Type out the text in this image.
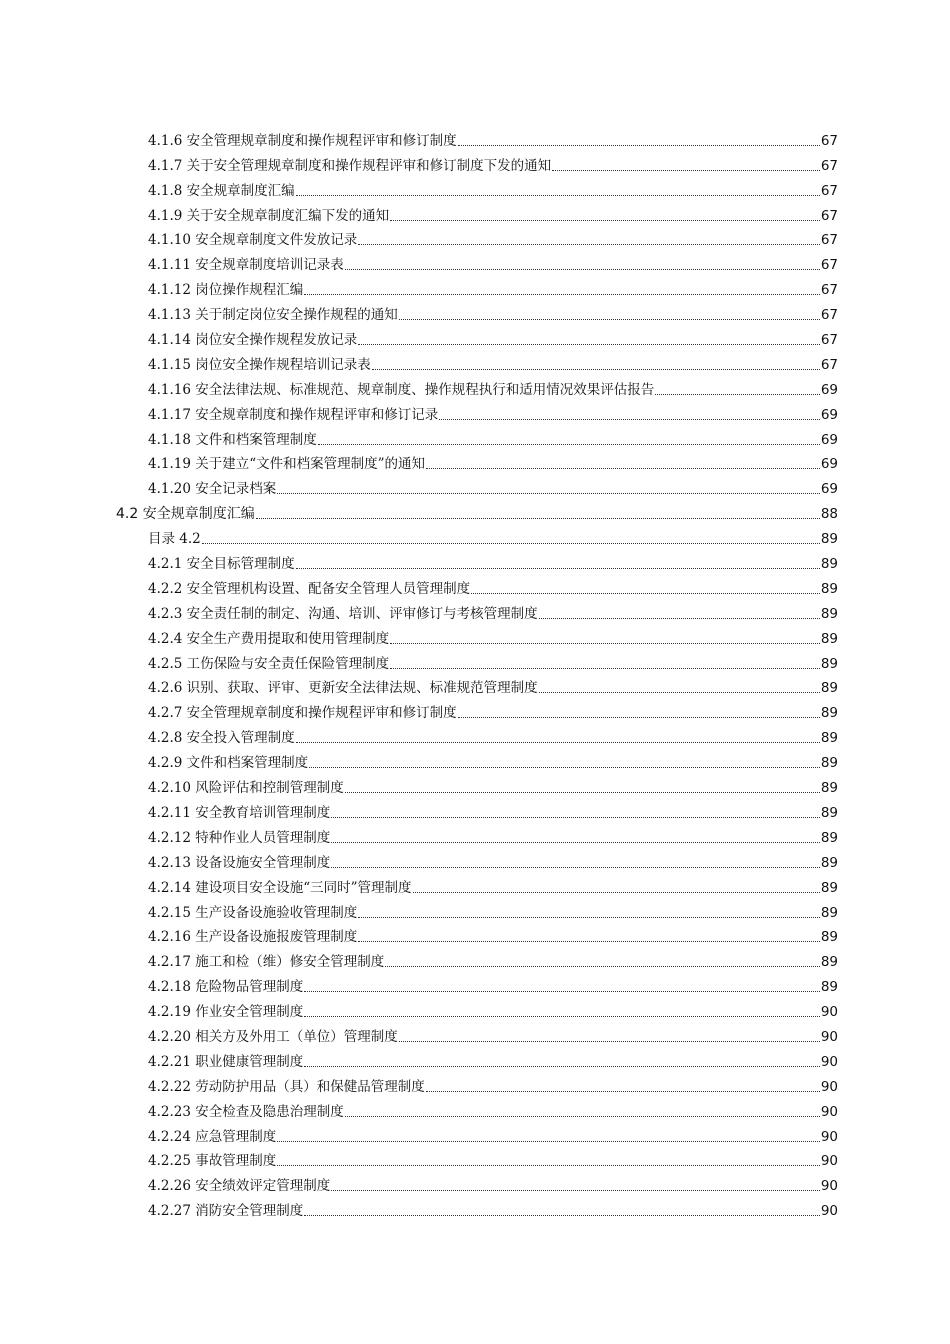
4.1.6 安全管理规章制度和操作规程评审和修订制度	67
4.1.7 关于安全管理规章制度和操作规程评审和修订制度下发的通知	67
4.1.8 安全规章制度汇编	67
4.1.9 关于安全规章制度汇编下发的通知	67
4.1.10 安全规章制度文件发放记录	67
4.1.11 安全规章制度培训记录表	67
4.1.12 岗位操作规程汇编	67
4.1.13 关于制定岗位安全操作规程的通知	67
4.1.14 岗位安全操作规程发放记录	67
4.1.15 岗位安全操作规程培训记录表	67
4.1.16 安全法律法规、标准规范、规章制度、操作规程执行和适用情况效果评估报告	69
4.1.17 安全规章制度和操作规程评审和修订记录	69
4.1.18 文件和档案管理制度	69
4.1.19 关于建立“文件和档案管理制度”的通知	69
4.1.20 安全记录档案	69
4.2 安全规章制度汇编	88
目录 4.2	89
4.2.1 安全目标管理制度	89
4.2.2 安全管理机构设置、配备安全管理人员管理制度	89
4.2.3 安全责任制的制定、沟通、培训、评审修订与考核管理制度	89
4.2.4 安全生产费用提取和使用管理制度	89
4.2.5 工伤保险与安全责任保险管理制度	89
4.2.6 识别、获取、评审、更新安全法律法规、标准规范管理制度	89
4.2.7 安全管理规章制度和操作规程评审和修订制度	89
4.2.8 安全投入管理制度	89
4.2.9 文件和档案管理制度	89
4.2.10 风险评估和控制管理制度	89
4.2.11 安全教育培训管理制度	89
4.2.12 特种作业人员管理制度	89
4.2.13 设备设施安全管理制度	89
4.2.14 建设项目安全设施“三同时”管理制度	89
4.2.15 生产设备设施验收管理制度	89
4.2.16 生产设备设施报废管理制度	89
4.2.17 施工和检（维）修安全管理制度	89
4.2.18 危险物品管理制度	89
4.2.19 作业安全管理制度	90
4.2.20 相关方及外用工（单位）管理制度	90
4.2.21 职业健康管理制度	90
4.2.22 劳动防护用品（具）和保健品管理制度	90
4.2.23 安全检查及隐患治理制度	90
4.2.24 应急管理制度	90
4.2.25 事故管理制度	90
4.2.26 安全绩效评定管理制度	90
4.2.27 消防安全管理制度	90
